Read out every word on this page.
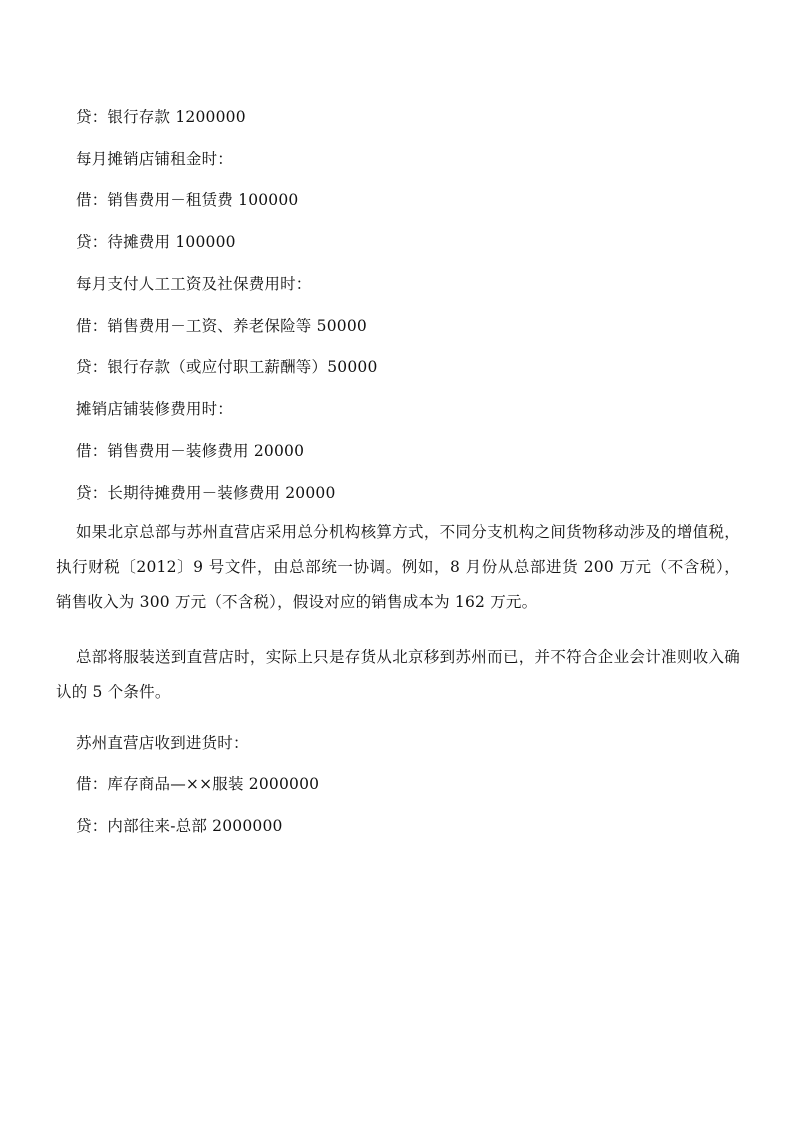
贷：银行存款 1200000

每月摊销店铺租金时：

借：销售费用－租赁费 100000

贷：待摊费用 100000

每月支付人工工资及社保费用时：

借：销售费用－工资、养老保险等 50000

贷：银行存款（或应付职工薪酬等）50000

摊销店铺装修费用时：

借：销售费用－装修费用 20000

贷：长期待摊费用－装修费用 20000

如果北京总部与苏州直营店采用总分机构核算方式，不同分支机构之间货物移动涉及的增值税，执行财税〔2012〕9 号文件，由总部统一协调。例如，8 月份从总部进货 200 万元（不含税），销售收入为 300 万元（不含税），假设对应的销售成本为 162 万元。

总部将服装送到直营店时，实际上只是存货从北京移到苏州而已，并不符合企业会计准则收入确认的 5 个条件。

苏州直营店收到进货时：

借：库存商品—××服装 2000000

贷：内部往来-总部 2000000
